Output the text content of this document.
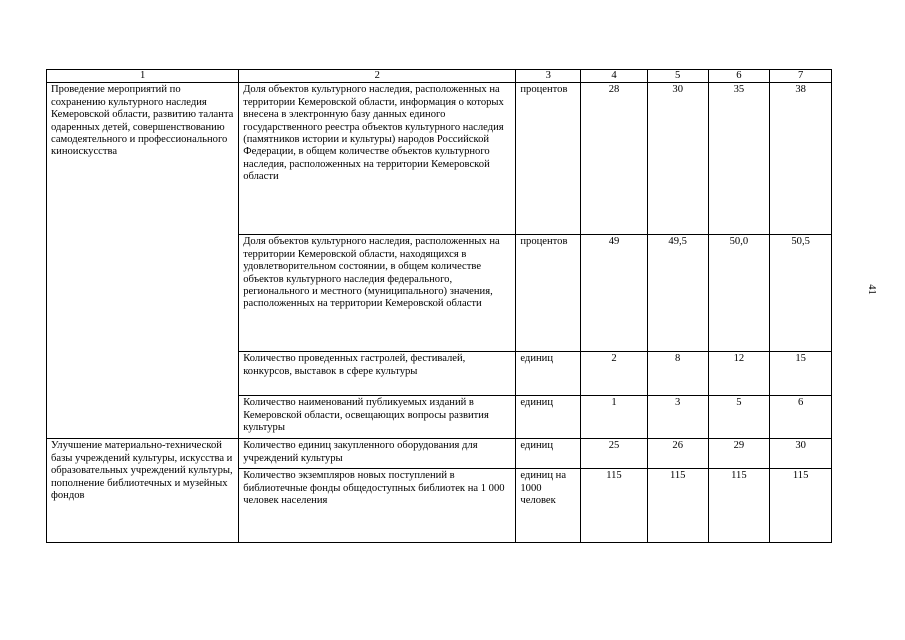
1	2	3	4	5	6	7
Проведение мероприятий по сохранению культурного наследия Кемеровской области, развитию таланта одаренных детей, совершенствованию самодеятельного и профессионального киноискусства	Доля объектов культурного наследия, расположенных на территории Кемеровской области, информация о которых внесена в электронную базу данных единого государственного реестра объектов культурного наследия (памятников истории и культуры) народов Российской Федерации, в общем количестве объектов культурного наследия, расположенных на территории Кемеровской области	процентов	28	30	35	38
	Доля объектов культурного наследия, расположенных на территории Кемеровской области, находящихся в удовлетворительном состоянии, в общем количестве объектов культурного наследия федерального, регионального и местного (муниципального) значения, расположенных на территории Кемеровской области	процентов	49	49,5	50,0	50,5
	Количество проведенных гастролей, фестивалей, конкурсов, выставок в сфере культуры	единиц	2	8	12	15
	Количество наименований публикуемых изданий в Кемеровской области, освещающих вопросы развития культуры	единиц	1	3	5	6
Улучшение материально-технической базы учреждений культуры, искусства и образовательных учреждений культуры, пополнение библиотечных и музейных фондов	Количество единиц закупленного оборудования для учреждений культуры	единиц	25	26	29	30
	Количество экземпляров новых поступлений в библиотечные фонды общедоступных библиотек на 1 000 человек населения	единиц на 1000 человек	115	115	115	115
41
